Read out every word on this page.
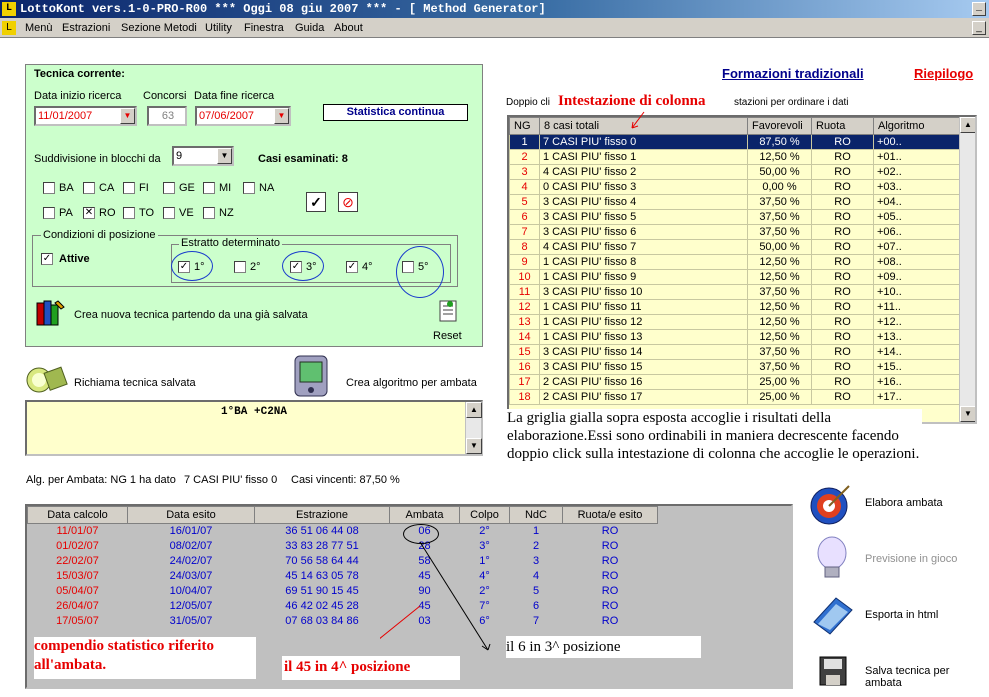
L LottoKont vers.1-0-PRO-R00 *** Oggi 08 giu 2007 *** - [ Method Generator]	_
L	Menù Estrazioni Sezione Metodi Utility Finestra Guida About	_
Formazioni tradizionali	Riepilogo
Tecnica corrente:
Data inizio ricerca
11/01/2007	▼
Concorsi
63
Data fine ricerca
07/06/2007	▼	Statistica continua
Suddivisione in blocchi da	9	▼	Casi esaminati: 8
BA CA FI	GE MI	NA
PA ✕ RO TO VE NZ
✓ ⊘
Condizioni di posizione
✓ Attive
Estratto determinato
✓ 1°	2°	✓ 3°	✓ 4°	5°
Crea nuova tecnica partendo da una già salvata
Reset
Richiama tecnica salvata	Crea algoritmo per ambata
1°BA +C2NA	▲
▼
Alg. per Ambata: NG 1 ha dato 7 CASI PIU' fisso 0 Casi vincenti: 87,50 %
Doppio cli	stazioni per ordinare i dati
Intestazione di colonna
NG	8 casi totali	Favorevoli	Ruota	Algoritmo
1	7 CASI PIU' fisso 0	87,50 %	RO	+00..
2	1 CASI PIU' fisso 1	12,50 %	RO	+01..
3	4 CASI PIU' fisso 2	50,00 %	RO	+02..
4	0 CASI PIU' fisso 3	0,00 %	RO	+03..
5	3 CASI PIU' fisso 4	37,50 %	RO	+04..
6	3 CASI PIU' fisso 5	37,50 %	RO	+05..
7	3 CASI PIU' fisso 6	37,50 %	RO	+06..
8	4 CASI PIU' fisso 7	50,00 %	RO	+07..
9	1 CASI PIU' fisso 8	12,50 %	RO	+08..
10	1 CASI PIU' fisso 9	12,50 %	RO	+09..
11	3 CASI PIU' fisso 10	37,50 %	RO	+10..
12	1 CASI PIU' fisso 11	12,50 %	RO	+11..
13	1 CASI PIU' fisso 12	12,50 %	RO	+12..
14	1 CASI PIU' fisso 13	12,50 %	RO	+13..
15	3 CASI PIU' fisso 14	37,50 %	RO	+14..
16	3 CASI PIU' fisso 15	37,50 %	RO	+15..
17	2 CASI PIU' fisso 16	25,00 %	RO	+16..
18	2 CASI PIU' fisso 17	25,00 %	RO	+17..
▲
▼
La griglia gialla sopra esposta accoglie i risultati della elaborazione.Essi sono ordinabili in maniera decrescente facendo doppio click sulla intestazione di colonna che accoglie le operazioni.
Data calcolo	Data esito	Estrazione	Ambata	Colpo	NdC	Ruota/e esito
11/01/07	16/01/07	36 51 06 44 08	06	2°	1	RO
01/02/07	08/02/07	33 83 28 77 51	28	3°	2	RO
22/02/07	24/02/07	70 56 58 64 44	58	1°	3	RO
15/03/07	24/03/07	45 14 63 05 78	45	4°	4	RO
05/04/07	10/04/07	69 51 90 15 45	90	2°	5	RO
26/04/07	12/05/07	46 42 02 45 28	45	7°	6	RO
17/05/07	31/05/07	07 68 03 84 86	03	6°	7	RO
compendio statistico riferito all'ambata.	il 45 in 4^ posizione
il 6 in 3^ posizione
Elabora ambata
Previsione in gioco
Esporta in html
Salva tecnica per ambata
